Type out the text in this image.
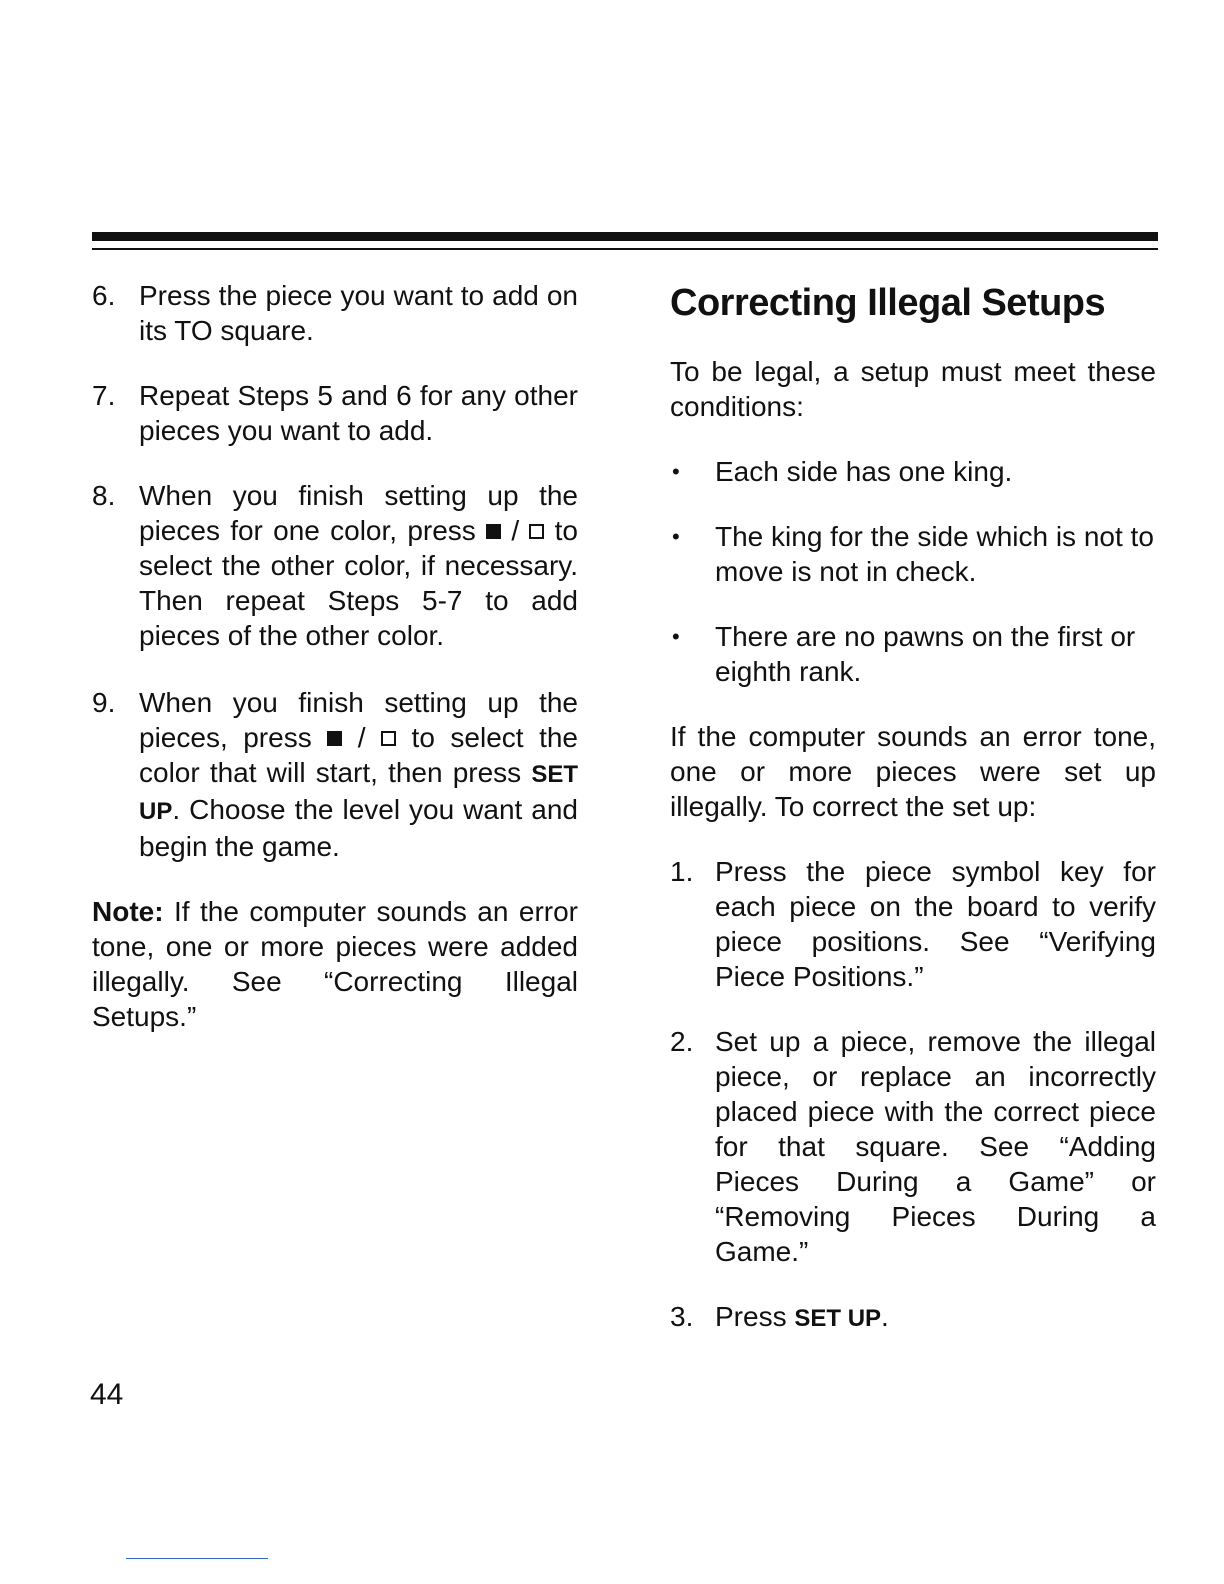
6. Press the piece you want to add on its TO square.
7. Repeat Steps 5 and 6 for any other pieces you want to add.
8. When you finish setting up the pieces for one color, press / to select the other color, if necessary. Then repeat Steps 5-7 to add pieces of the other color.
9. When you finish setting up the pieces, press / to select the color that will start, then press SET UP. Choose the level you want and begin the game.

Note: If the computer sounds an error tone, one or more pieces were added illegally. See “Correcting Illegal Setups.”

Correcting Illegal Setups

To be legal, a setup must meet these conditions:

• Each side has one king.
• The king for the side which is not to move is not in check.
• There are no pawns on the first or eighth rank.

If the computer sounds an error tone, one or more pieces were set up illegally. To correct the set up:

1. Press the piece symbol key for each piece on the board to verify piece positions. See “Verifying Piece Positions.”
2. Set up a piece, remove the illegal piece, or replace an incorrectly placed piece with the correct piece for that square. See “Adding Pieces During a Game” or “Removing Pieces During a Game.”
3. Press SET UP.
44
